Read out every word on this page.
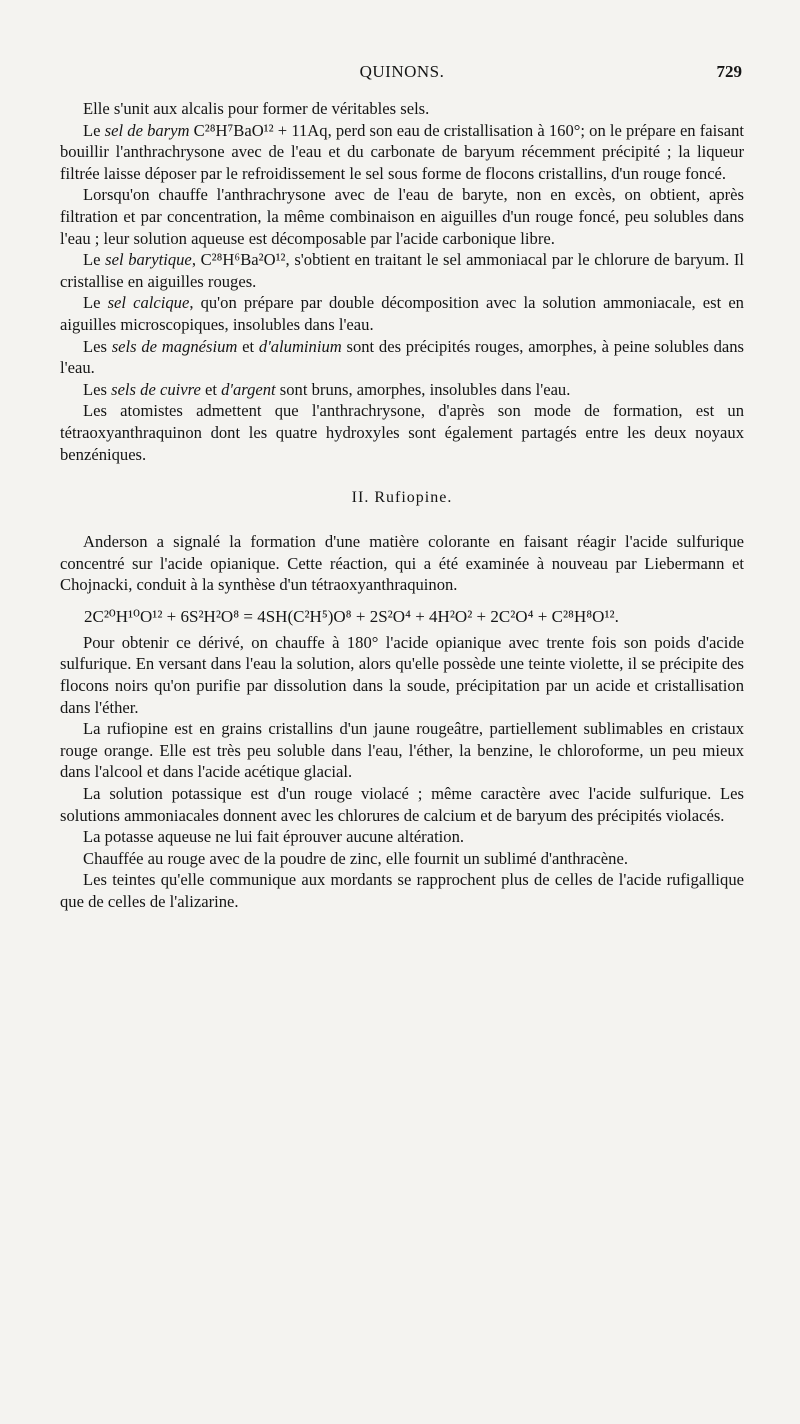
QUINONS.	729

Elle s'unit aux alcalis pour former de véritables sels.

Le sel de barym C²⁸H⁷BaO¹² + 11Aq, perd son eau de cristallisation à 160°; on le prépare en faisant bouillir l'anthrachrysone avec de l'eau et du carbonate de baryum récemment précipité ; la liqueur filtrée laisse déposer par le refroidissement le sel sous forme de flocons cristallins, d'un rouge foncé.

Lorsqu'on chauffe l'anthrachrysone avec de l'eau de baryte, non en excès, on obtient, après filtration et par concentration, la même combinaison en aiguilles d'un rouge foncé, peu solubles dans l'eau ; leur solution aqueuse est décomposable par l'acide carbonique libre.

Le sel barytique, C²⁸H⁶Ba²O¹², s'obtient en traitant le sel ammoniacal par le chlorure de baryum. Il cristallise en aiguilles rouges.

Le sel calcique, qu'on prépare par double décomposition avec la solution ammoniacale, est en aiguilles microscopiques, insolubles dans l'eau.

Les sels de magnésium et d'aluminium sont des précipités rouges, amorphes, à peine solubles dans l'eau.

Les sels de cuivre et d'argent sont bruns, amorphes, insolubles dans l'eau.

Les atomistes admettent que l'anthrachrysone, d'après son mode de formation, est un tétraoxyanthraquinon dont les quatre hydroxyles sont également partagés entre les deux noyaux benzéniques.

II. Rufiopine.

Anderson a signalé la formation d'une matière colorante en faisant réagir l'acide sulfurique concentré sur l'acide opianique. Cette réaction, qui a été examinée à nouveau par Liebermann et Chojnacki, conduit à la synthèse d'un tétraoxyanthraquinon.

2C²⁰H¹⁰O¹² + 6S²H²O⁸ = 4SH(C²H⁵)O⁸ + 2S²O⁴ + 4H²O² + 2C²O⁴ + C²⁸H⁸O¹².

Pour obtenir ce dérivé, on chauffe à 180° l'acide opianique avec trente fois son poids d'acide sulfurique. En versant dans l'eau la solution, alors qu'elle possède une teinte violette, il se précipite des flocons noirs qu'on purifie par dissolution dans la soude, précipitation par un acide et cristallisation dans l'éther.

La rufiopine est en grains cristallins d'un jaune rougeâtre, partiellement sublimables en cristaux rouge orange. Elle est très peu soluble dans l'eau, l'éther, la benzine, le chloroforme, un peu mieux dans l'alcool et dans l'acide acétique glacial.

La solution potassique est d'un rouge violacé ; même caractère avec l'acide sulfurique. Les solutions ammoniacales donnent avec les chlorures de calcium et de baryum des précipités violacés.

La potasse aqueuse ne lui fait éprouver aucune altération.

Chauffée au rouge avec de la poudre de zinc, elle fournit un sublimé d'anthracène.

Les teintes qu'elle communique aux mordants se rapprochent plus de celles de l'acide rufigallique que de celles de l'alizarine.
